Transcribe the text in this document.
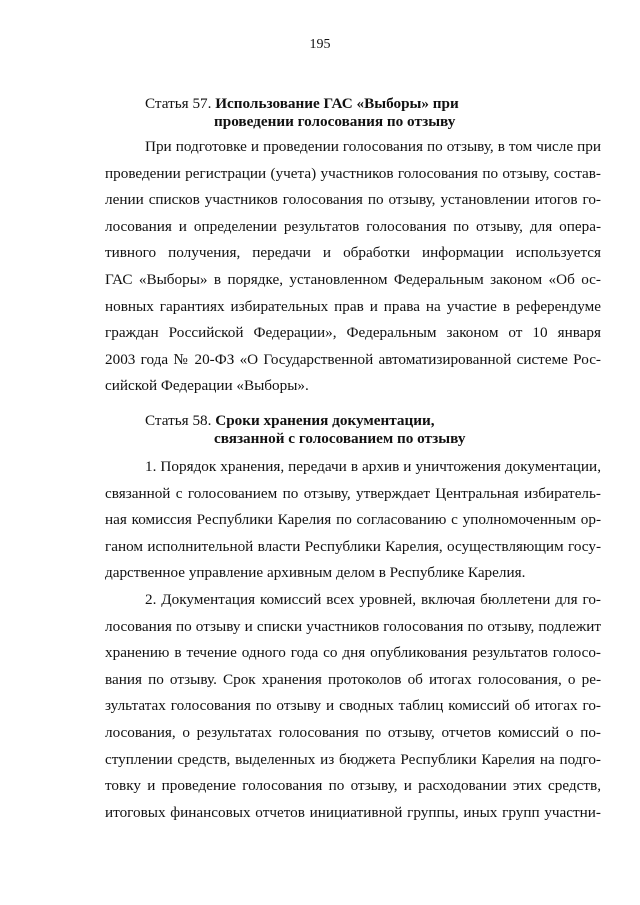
195
Статья 57. Использование ГАС «Выборы» при
проведении голосования по отзыву
При подготовке и проведении голосования по отзыву, в том числе при
проведении регистрации (учета) участников голосования по отзыву, состав-
лении списков участников голосования по отзыву, установлении итогов го-
лосования и определении результатов голосования по отзыву, для опера-
тивного получения, передачи и обработки информации используется
ГАС «Выборы» в порядке, установленном Федеральным законом «Об ос-
новных гарантиях избирательных прав и права на участие в референдуме
граждан Российской Федерации», Федеральным законом от 10 января
2003 года № 20-ФЗ «О Государственной автоматизированной системе Рос-
сийской Федерации «Выборы».
Статья 58. Сроки хранения документации,
связанной с голосованием по отзыву
1. Порядок хранения, передачи в архив и уничтожения документации,
связанной с голосованием по отзыву, утверждает Центральная избиратель-
ная комиссия Республики Карелия по согласованию с уполномоченным ор-
ганом исполнительной власти Республики Карелия, осуществляющим госу-
дарственное управление архивным делом в Республике Карелия.
2. Документация комиссий всех уровней, включая бюллетени для го-
лосования по отзыву и списки участников голосования по отзыву, подлежит
хранению в течение одного года со дня опубликования результатов голосо-
вания по отзыву. Срок хранения протоколов об итогах голосования, о ре-
зультатах голосования по отзыву и сводных таблиц комиссий об итогах го-
лосования, о результатах голосования по отзыву, отчетов комиссий о по-
ступлении средств, выделенных из бюджета Республики Карелия на подго-
товку и проведение голосования по отзыву, и расходовании этих средств,
итоговых финансовых отчетов инициативной группы, иных групп участни-
